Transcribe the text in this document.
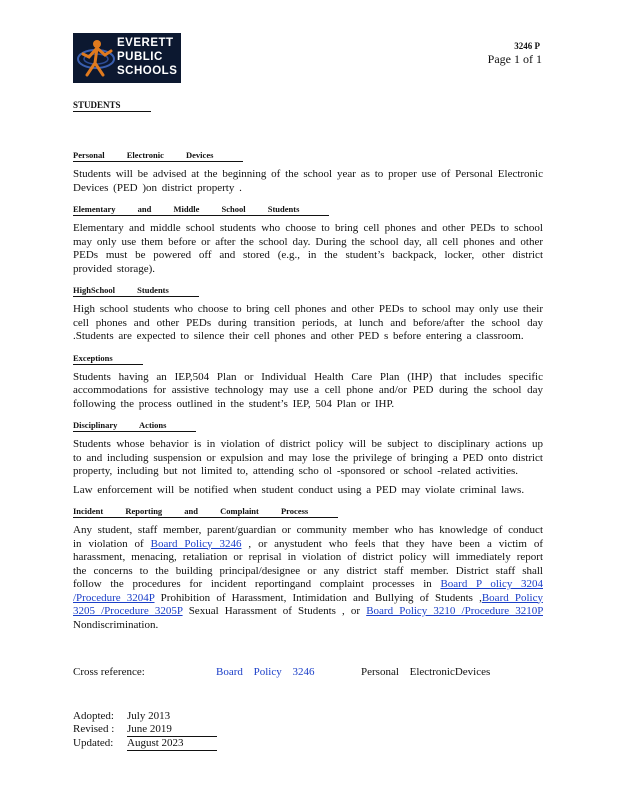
EVERETT
PUBLIC
SCHOOLS
3246 P
Page 1 of 1
STUDENTS
Personal Electronic Devices

Students will be advised at the beginning of the school year as to proper use of Personal Electronic Devices (PED )on district property .

Elementary and Middle School Students

Elementary and middle school students who choose to bring cell phones and other PEDs to school may only use them before or after the school day. During the school day, all cell phones and other PEDs must be powered off and stored (e.g., in the student’s backpack, locker, other district provided storage).

HighSchool Students

High school students who choose to bring cell phones and other PEDs to school may only use their cell phones and other PEDs during transition periods, at lunch and before/after the school day .Students are expected to silence their cell phones and other PED s before entering a classroom.

Exceptions

Students having an IEP,504 Plan or Individual Health Care Plan (IHP) that includes specific accommodations for assistive technology may use a cell phone and/or PED during the school day following the process outlined in the student’s IEP, 504 Plan or IHP.

Disciplinary Actions

Students whose behavior is in violation of district policy will be subject to disciplinary actions up to and including suspension or expulsion and may lose the privilege of bringing a PED onto district property, including but not limited to, attending scho ol -sponsored or school -related activities.

Law enforcement will be notified when student conduct using a PED may violate criminal laws.

Incident Reporting and Complaint Process

Any student, staff member, parent/guardian or community member who has knowledge of conduct in violation of Board Policy 3246 , or anystudent who feels that they have been a victim of harassment, menacing, retaliation or reprisal in violation of district policy will immediately report the concerns to the building principal/designee or any district staff member. District staff shall follow the procedures for incident reportingand complaint processes in Board P olicy 3204 /Procedure 3204P Prohibition of Harassment, Intimidation and Bullying of Students ,Board Policy 3205 /Procedure 3205P Sexual Harassment of Students , or Board Policy 3210 /Procedure 3210P Nondiscrimination.

Cross reference:	Board Policy 3246	Personal ElectronicDevices
Adopted:	July 2013
Revised :	June 2019
Updated:	August 2023
